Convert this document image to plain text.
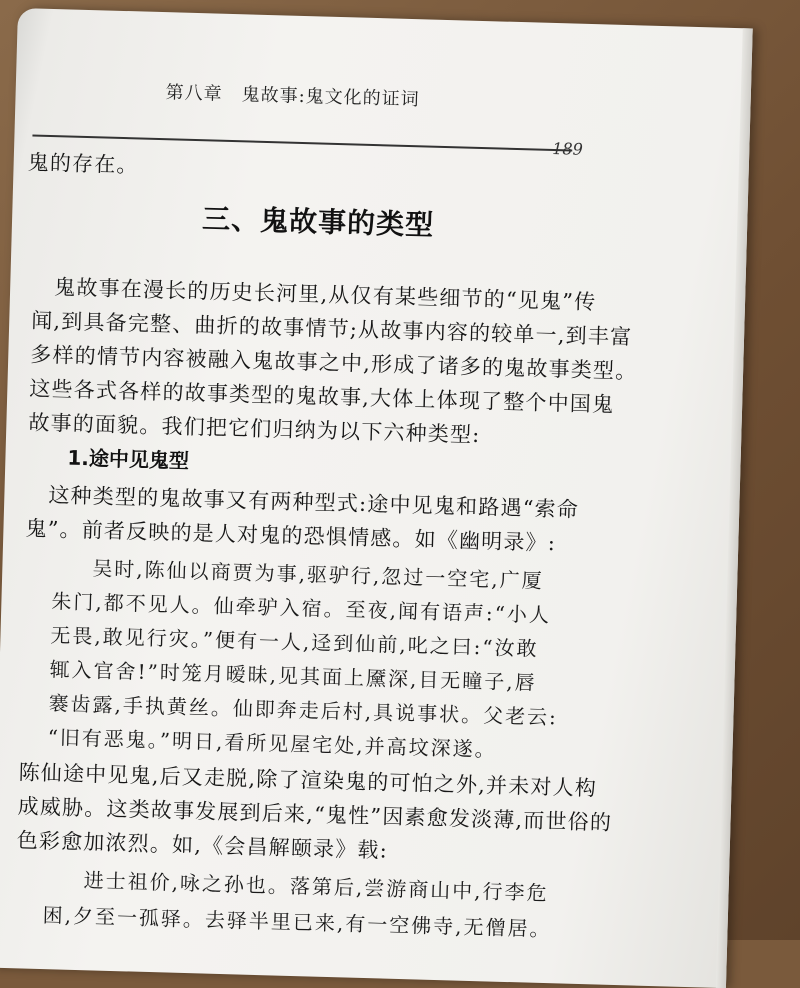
第八章　鬼故事:鬼文化的证词
189
鬼的存在。
三、鬼故事的类型
鬼故事在漫长的历史长河里,从仅有某些细节的“见鬼”传
闻,到具备完整、曲折的故事情节;从故事内容的较单一,到丰富
多样的情节内容被融入鬼故事之中,形成了诸多的鬼故事类型。
这些各式各样的故事类型的鬼故事,大体上体现了整个中国鬼
故事的面貌。我们把它们归纳为以下六种类型:
1.途中见鬼型
这种类型的鬼故事又有两种型式:途中见鬼和路遇“索命
鬼”。前者反映的是人对鬼的恐惧情感。如《幽明录》:
吴时,陈仙以商贾为事,驱驴行,忽过一空宅,广厦
朱门,都不见人。仙牵驴入宿。至夜,闻有语声:“小人
无畏,敢见行灾。”便有一人,迳到仙前,叱之曰:“汝敢
辄入官舍!”时笼月暧昧,见其面上黡深,目无瞳子,唇
褰齿露,手执黄丝。仙即奔走后村,具说事状。父老云:
“旧有恶鬼。”明日,看所见屋宅处,并高坟深遂。
陈仙途中见鬼,后又走脱,除了渲染鬼的可怕之外,并未对人构
成威胁。这类故事发展到后来,“鬼性”因素愈发淡薄,而世俗的
色彩愈加浓烈。如,《会昌解颐录》载:
进士祖价,咏之孙也。落第后,尝游商山中,行李危
困,夕至一孤驿。去驿半里已来,有一空佛寺,无僧居。
